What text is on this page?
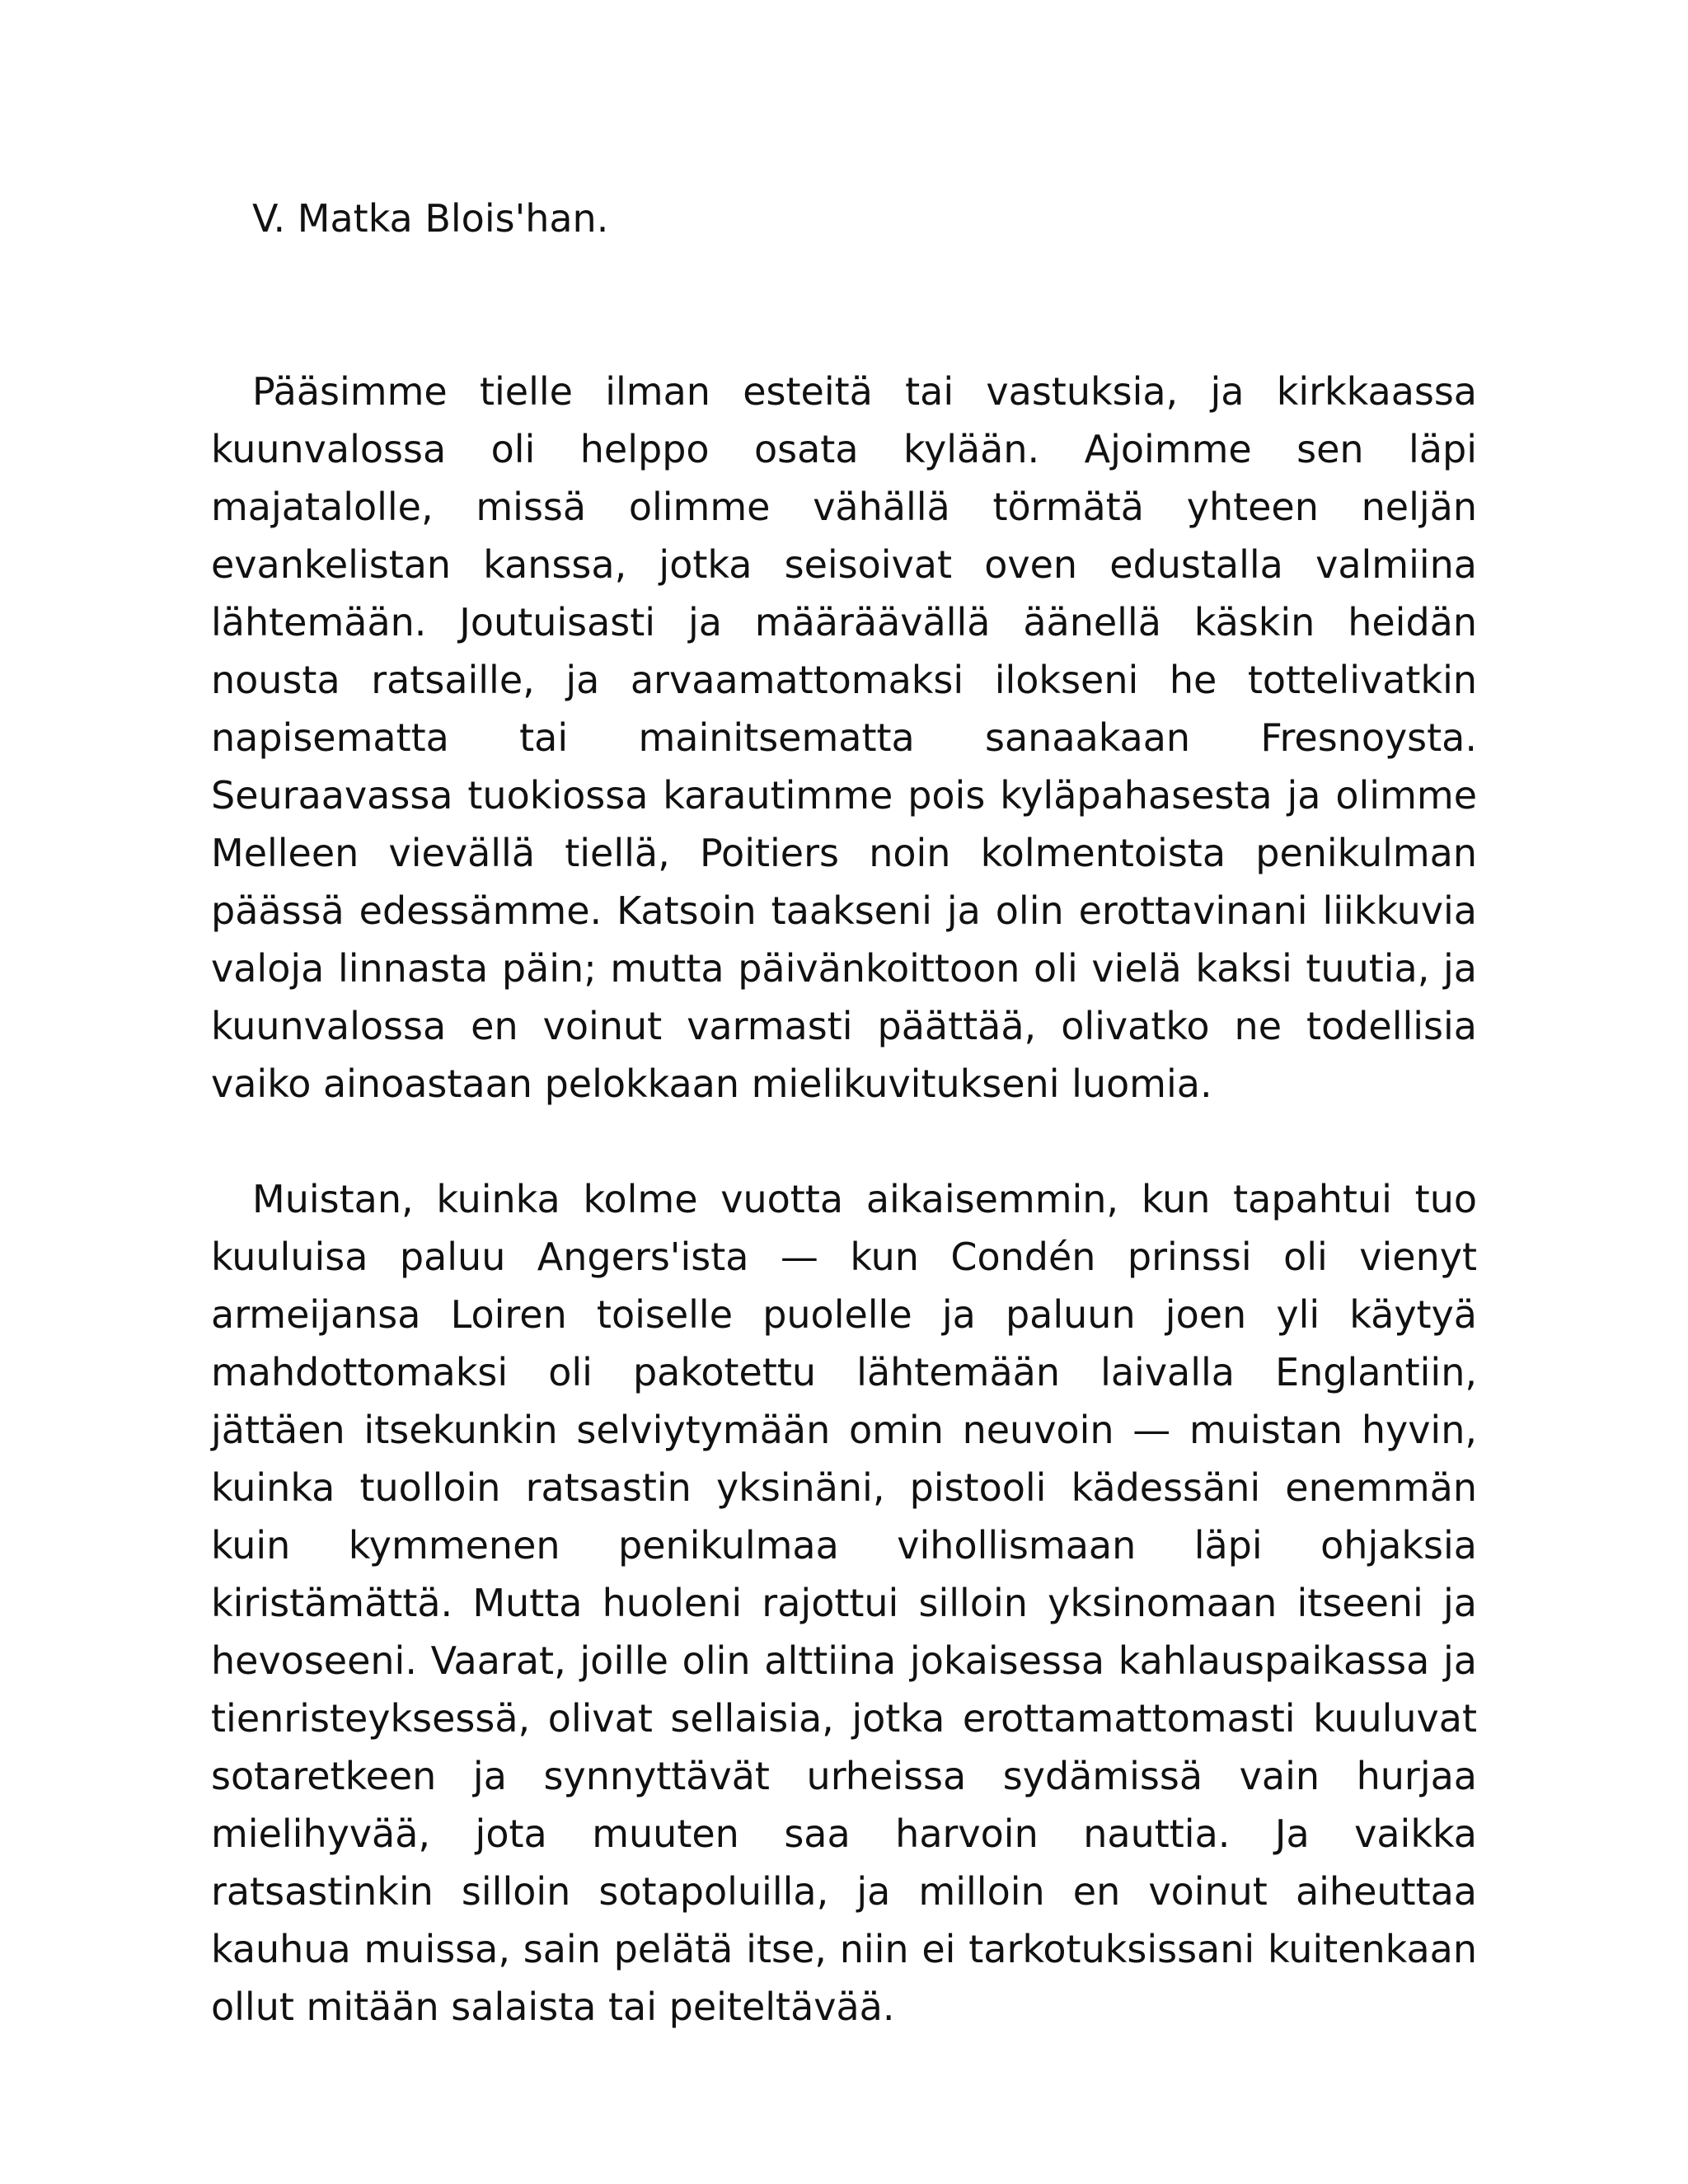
V. Matka Blois'han.

Pääsimme tielle ilman esteitä tai vastuksia, ja kirkkaassa kuunvalossa oli helppo osata kylään. Ajoimme sen läpi majatalolle, missä olimme vähällä törmätä yhteen neljän evankelistan kanssa, jotka seisoivat oven edustalla valmiina lähtemään. Joutuisasti ja määräävällä äänellä käskin heidän nousta ratsaille, ja arvaamattomaksi ilokseni he tottelivatkin napisematta tai mainitsematta sanaakaan Fresnoysta. Seuraavassa tuokiossa karautimme pois kyläpahasesta ja olimme Melleen vievällä tiellä, Poitiers noin kolmentoista penikulman päässä edessämme. Katsoin taakseni ja olin erottavinani liikkuvia valoja linnasta päin; mutta päivänkoittoon oli vielä kaksi tuutia, ja kuunvalossa en voinut varmasti päättää, olivatko ne todellisia vaiko ainoastaan pelokkaan mielikuvitukseni luomia.

Muistan, kuinka kolme vuotta aikaisemmin, kun tapahtui tuo kuuluisa paluu Angers'ista — kun Condén prinssi oli vienyt armeijansa Loiren toiselle puolelle ja paluun joen yli käytyä mahdottomaksi oli pakotettu lähtemään laivalla Englantiin, jättäen itsekunkin selviytymään omin neuvoin — muistan hyvin, kuinka tuolloin ratsastin yksinäni, pistooli kädessäni enemmän kuin kymmenen penikulmaa vihollismaan läpi ohjaksia kiristämättä. Mutta huoleni rajottui silloin yksinomaan itseeni ja hevoseeni. Vaarat, joille olin alttiina jokaisessa kahlauspaikassa ja tienristeyksessä, olivat sellaisia, jotka erottamattomasti kuuluvat sotaretkeen ja synnyttävät urheissa sydämissä vain hurjaa mielihyvää, jota muuten saa harvoin nauttia. Ja vaikka ratsastinkin silloin sotapoluilla, ja milloin en voinut aiheuttaa kauhua muissa, sain pelätä itse, niin ei tarkotuksissani kuitenkaan ollut mitään salaista tai peiteltävää.
